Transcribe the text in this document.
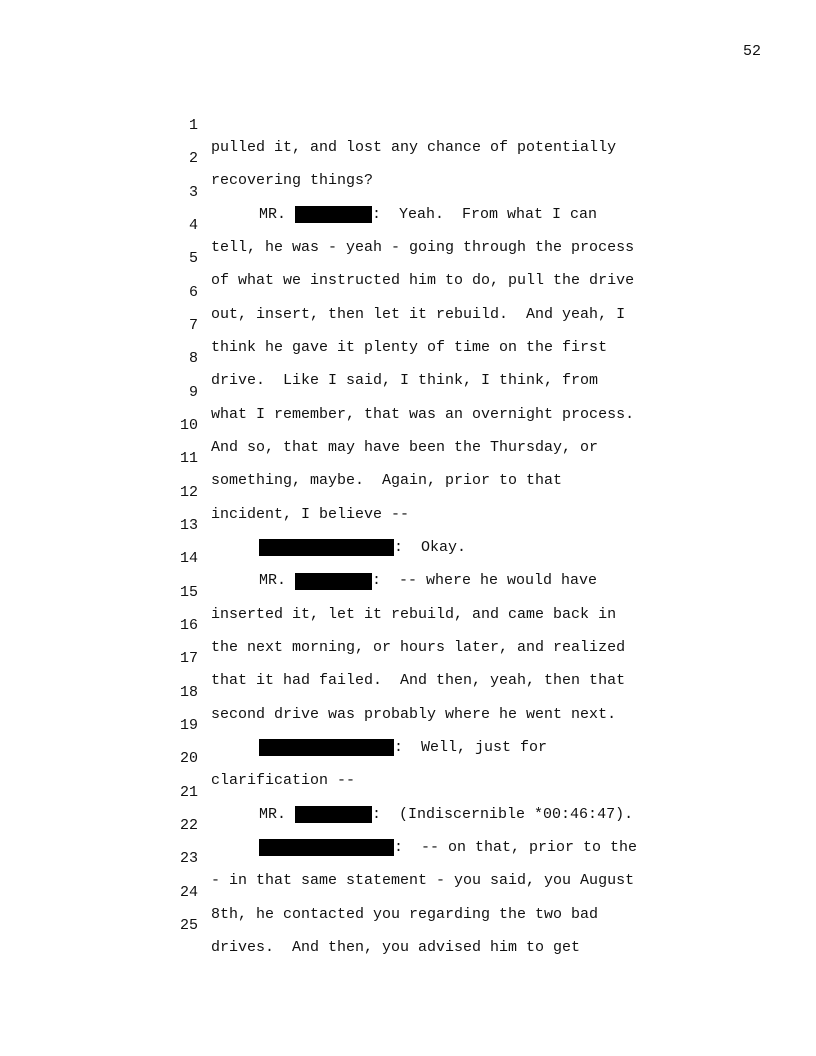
52

1

pulled it, and lost any chance of potentially

2

recovering things?

3

MR.	: Yeah.  From what I can

4

tell, he was - yeah - going through the process

5

of what we instructed him to do, pull the drive

6

out, insert, then let it rebuild.  And yeah, I

7

think he gave it plenty of time on the first

8

drive.  Like I said, I think, I think, from

9

what I remember, that was an overnight process.

10

And so, that may have been the Thursday, or

11

something, maybe.  Again, prior to that

12

incident, I believe --

13

: Okay.

14

MR.	: -- where he would have

15

inserted it, let it rebuild, and came back in

16

the next morning, or hours later, and realized

17

that it had failed.  And then, yeah, then that

18

second drive was probably where he went next.

19

: Well, just for

20

clarification --

21

MR.	: (Indiscernible *00:46:47).

22

: -- on that, prior to the

23

- in that same statement - you said, you August

24

8th, he contacted you regarding the two bad

25

drives.  And then, you advised him to get
